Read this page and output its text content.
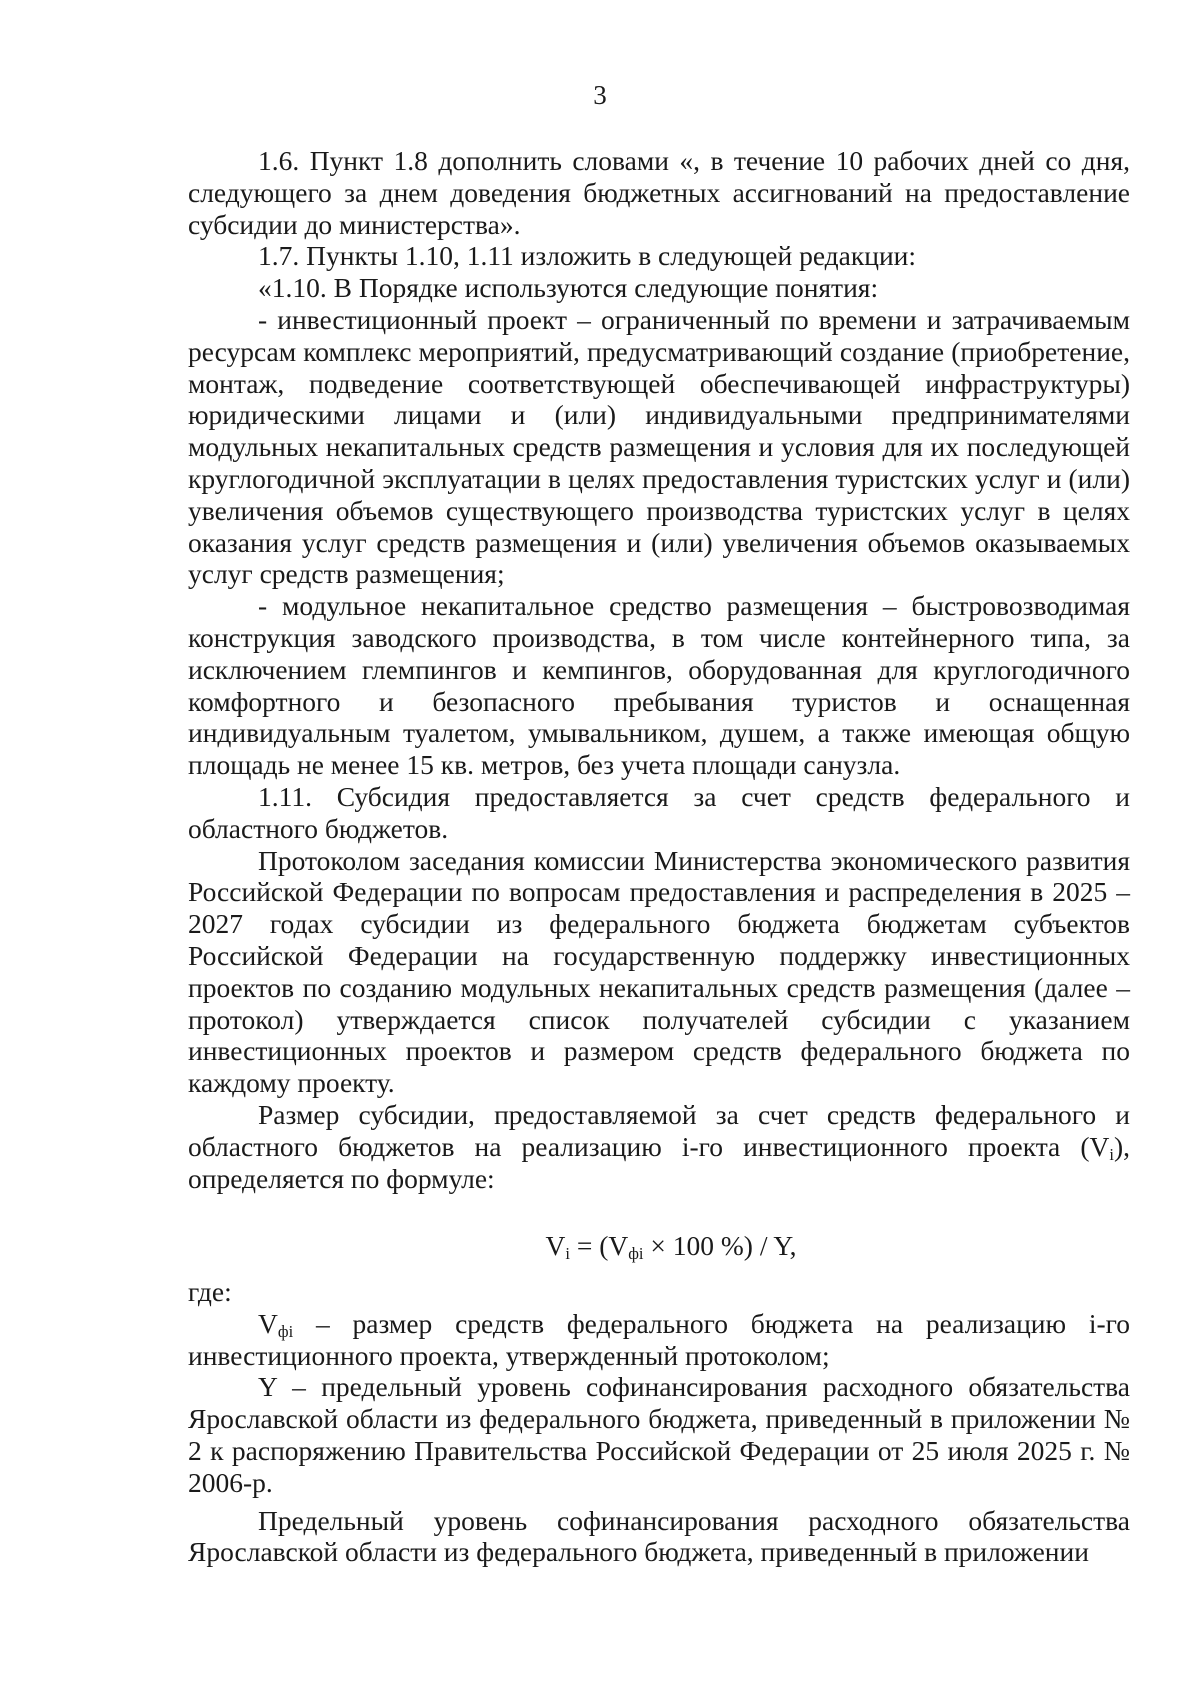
3

1.6. Пункт 1.8 дополнить словами «, в течение 10 рабочих дней со дня, следующего за днем доведения бюджетных ассигнований на предоставление субсидии до министерства».

1.7. Пункты 1.10, 1.11 изложить в следующей редакции:

«1.10. В Порядке используются следующие понятия:

- инвестиционный проект – ограниченный по времени и затрачиваемым ресурсам комплекс мероприятий, предусматривающий создание (приобретение, монтаж, подведение соответствующей обеспечивающей инфраструктуры) юридическими лицами и (или) индивидуальными предпринимателями модульных некапитальных средств размещения и условия для их последующей круглогодичной эксплуатации в целях предоставления туристских услуг и (или) увеличения объемов существующего производства туристских услуг в целях оказания услуг средств размещения и (или) увеличения объемов оказываемых услуг средств размещения;

- модульное некапитальное средство размещения – быстровозводимая конструкция заводского производства, в том числе контейнерного типа, за исключением глемпингов и кемпингов, оборудованная для круглогодичного комфортного и безопасного пребывания туристов и оснащенная индивидуальным туалетом, умывальником, душем, а также имеющая общую площадь не менее 15 кв. метров, без учета площади санузла.

1.11. Субсидия предоставляется за счет средств федерального и областного бюджетов.

Протоколом заседания комиссии Министерства экономического развития Российской Федерации по вопросам предоставления и распределения в 2025 – 2027 годах субсидии из федерального бюджета бюджетам субъектов Российской Федерации на государственную поддержку инвестиционных проектов по созданию модульных некапитальных средств размещения (далее – протокол) утверждается список получателей субсидии с указанием инвестиционных проектов и размером средств федерального бюджета по каждому проекту.

Размер субсидии, предоставляемой за счет средств федерального и областного бюджетов на реализацию i-го инвестиционного проекта $(V_i)$, определяется по формуле:

$V_i = (V_{фi} \times 100$ %) / Y,

где:

$V_{фi}$ – размер средств федерального бюджета на реализацию i-го инвестиционного проекта, утвержденный протоколом;

Y – предельный уровень софинансирования расходного обязательства Ярославской области из федерального бюджета, приведенный в приложении № 2 к распоряжению Правительства Российской Федерации от 25 июля 2025 г. № 2006-р.

Предельный уровень софинансирования расходного обязательства Ярославской области из федерального бюджета, приведенный в приложении
